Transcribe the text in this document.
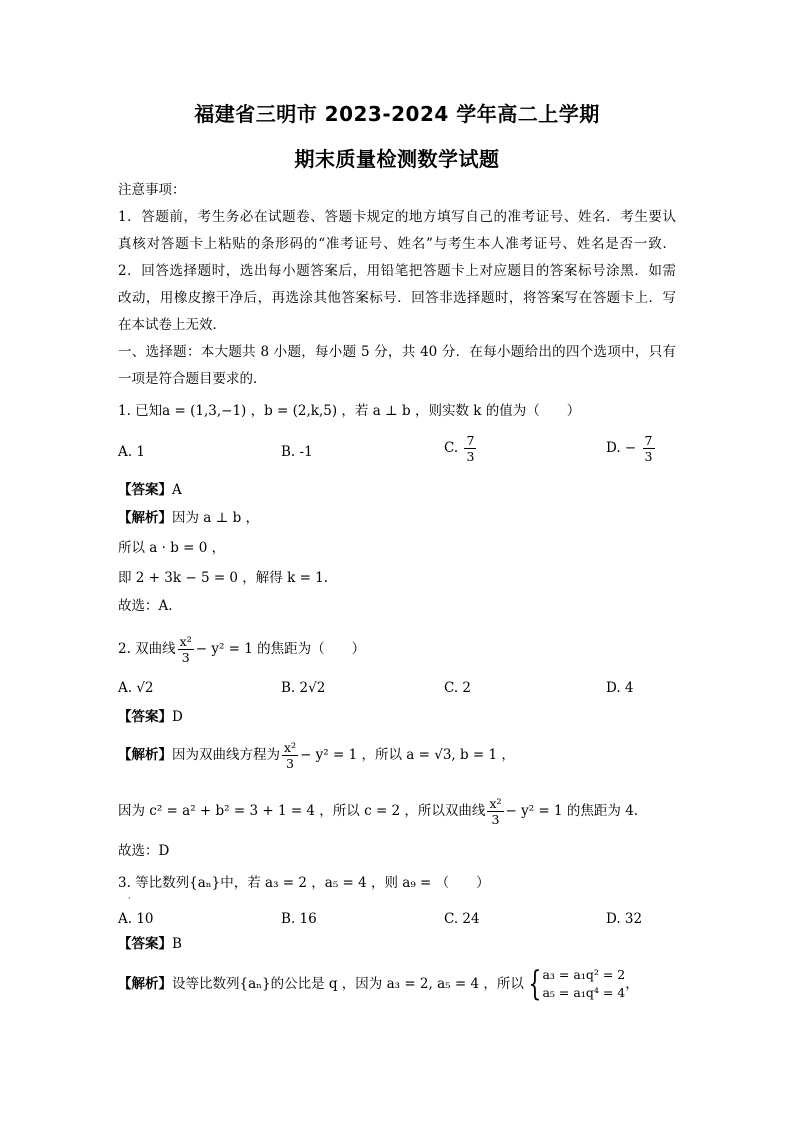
福建省三明市 2023-2024 学年高二上学期
期末质量检测数学试题
注意事项：
1．答题前，考生务必在试题卷、答题卡规定的地方填写自己的准考证号、姓名．考生要认
真核对答题卡上粘贴的条形码的“准考证号、姓名”与考生本人准考证号、姓名是否一致．
2．回答选择题时，选出每小题答案后，用铅笔把答题卡上对应题目的答案标号涂黑．如需
改动，用橡皮擦干净后，再选涂其他答案标号．回答非选择题时，将答案写在答题卡上．写
在本试卷上无效．
一、选择题：本大题共 8 小题，每小题 5 分，共 40 分．在每小题给出的四个选项中，只有
一项是符合题目要求的．
1. 已知a = (1,3,−1) ，b = (2,k,5) ，若 a ⊥ b ，则实数 k 的值为（　　）
A. 1	B. -1	C. $\frac{7}{3}$	D. − $\frac{7}{3}$
【答案】A
【解析】因为 a ⊥ b ，
所以 a · b = 0 ，
即 2 + 3k − 5 = 0 ，解得 k = 1.
故选：A.
2. 双曲线 $\frac{\text{x²}}{3} - y^2 = 1$ 的焦距为（　　）
A. √2	B. 2√2	C. 2	D. 4
【答案】D
【解析】因为双曲线方程为 $\frac{\text{x²}}{3} - y^2 = 1$ ，所以 a = √3, b = 1 ，
因为 c² = a² + b² = 3 + 1 = 4 ，所以 c = 2 ，所以双曲线 $\frac{\text{x²}}{3} - y^2 = 1$ 的焦距为 4.
故选：D
3. 等比数列{aₙ}中，若 a₃ = 2 ，a₅ = 4 ，则 a₉ = （　　）
·
A. 10	B. 16	C. 24	D. 32
【答案】B
【解析】设等比数列{aₙ}的公比是 q ，因为 a₃ = 2, a₅ = 4 ，所以 { a₃ = a₁q² = 2
a₅ = a₁q⁴ = 4
，
